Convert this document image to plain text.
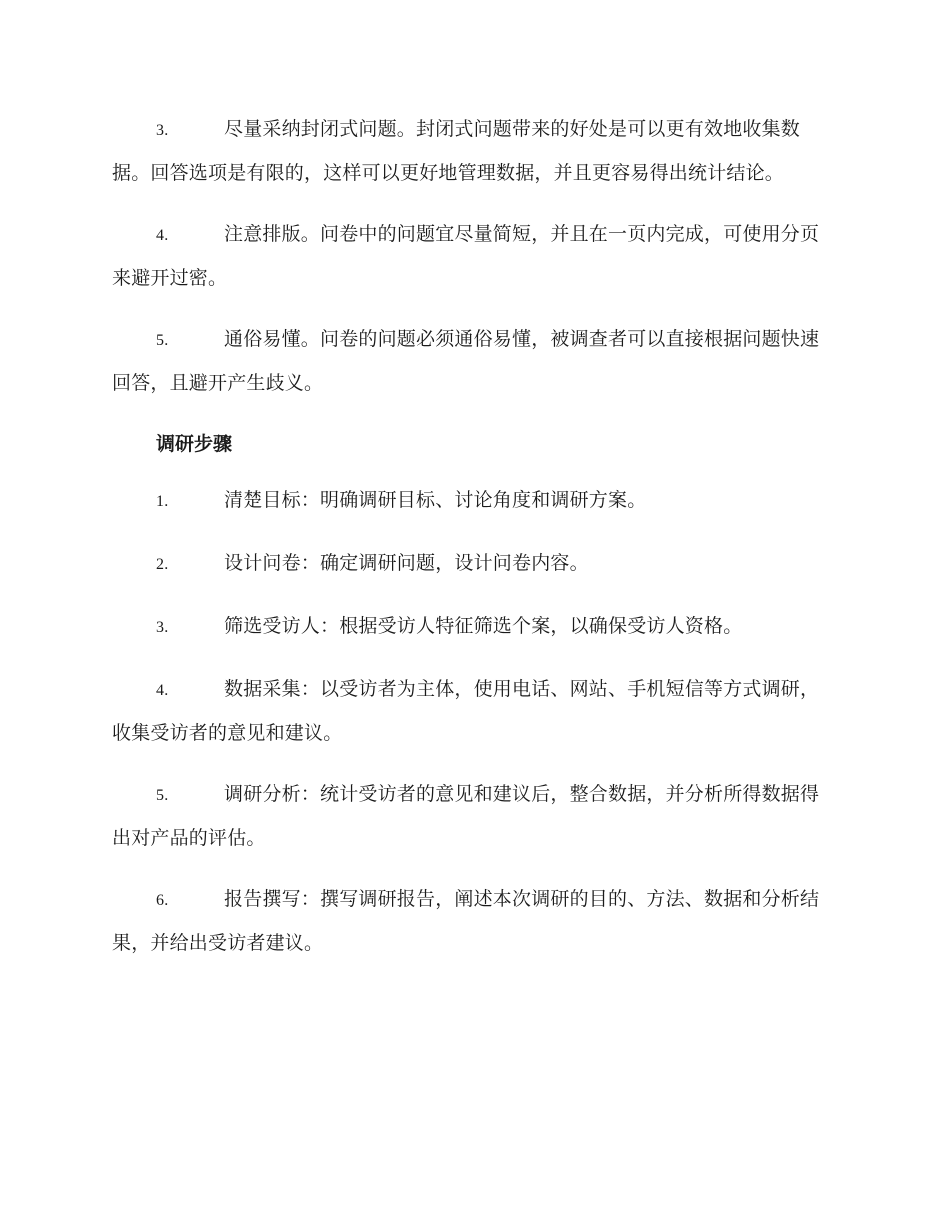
3.	尽量采纳封闭式问题。封闭式问题带来的好处是可以更有效地收集数据。回答选项是有限的，这样可以更好地管理数据，并且更容易得出统计结论。

4.	注意排版。问卷中的问题宜尽量简短，并且在一页内完成，可使用分页来避开过密。

5.	通俗易懂。问卷的问题必须通俗易懂，被调查者可以直接根据问题快速回答，且避开产生歧义。

调研步骤

1.	清楚目标：明确调研目标、讨论角度和调研方案。

2.	设计问卷：确定调研问题，设计问卷内容。

3.	筛选受访人：根据受访人特征筛选个案，以确保受访人资格。

4.	数据采集：以受访者为主体，使用电话、网站、手机短信等方式调研，收集受访者的意见和建议。

5.	调研分析：统计受访者的意见和建议后，整合数据，并分析所得数据得出对产品的评估。

6.	报告撰写：撰写调研报告，阐述本次调研的目的、方法、数据和分析结果，并给出受访者建议。
